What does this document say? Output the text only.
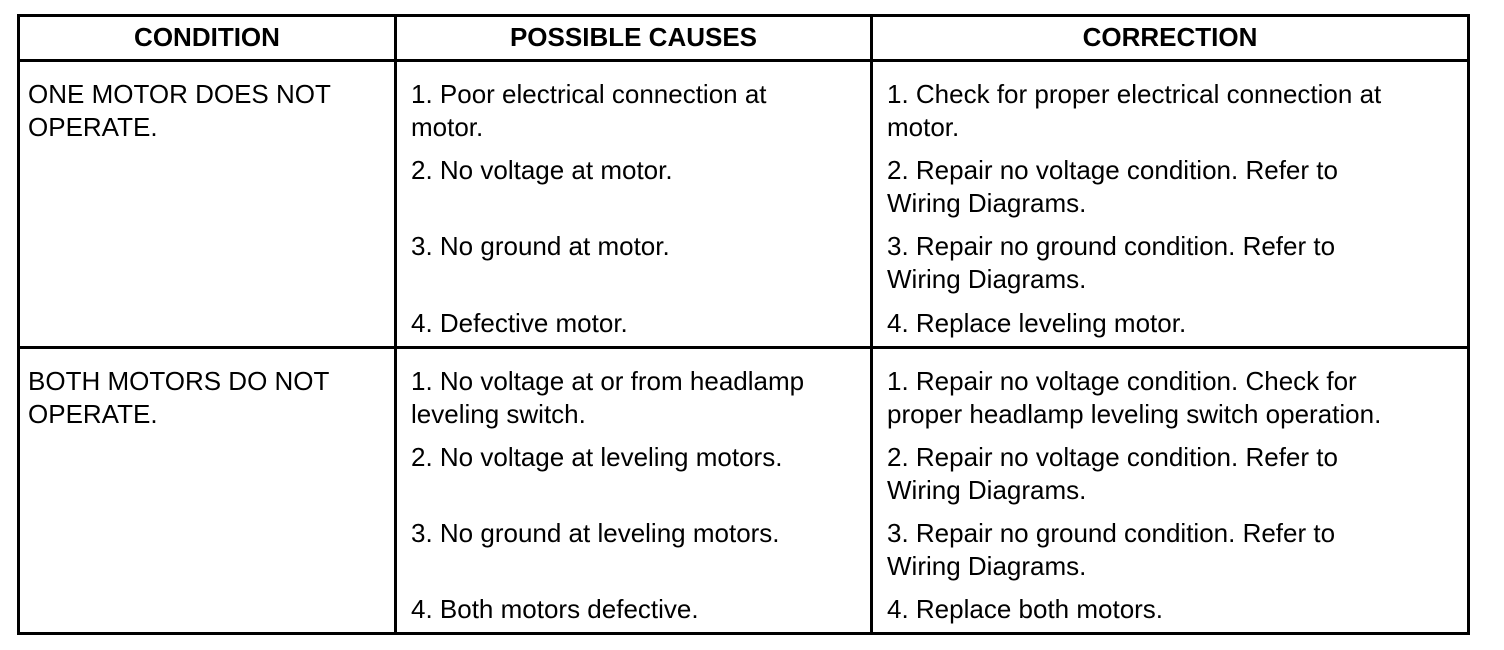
CONDITION	POSSIBLE CAUSES	CORRECTION
ONE MOTOR DOES NOT
OPERATE.
1. Poor electrical connection at
motor.
2. No voltage at motor.
3. No ground at motor.
4. Defective motor.
1. Check for proper electrical connection at
motor.
2. Repair no voltage condition. Refer to
Wiring Diagrams.
3. Repair no ground condition. Refer to
Wiring Diagrams.
4. Replace leveling motor.
BOTH MOTORS DO NOT
OPERATE.
1. No voltage at or from headlamp
leveling switch.
2. No voltage at leveling motors.
3. No ground at leveling motors.
4. Both motors defective.
1. Repair no voltage condition. Check for
proper headlamp leveling switch operation.
2. Repair no voltage condition. Refer to
Wiring Diagrams.
3. Repair no ground condition. Refer to
Wiring Diagrams.
4. Replace both motors.
